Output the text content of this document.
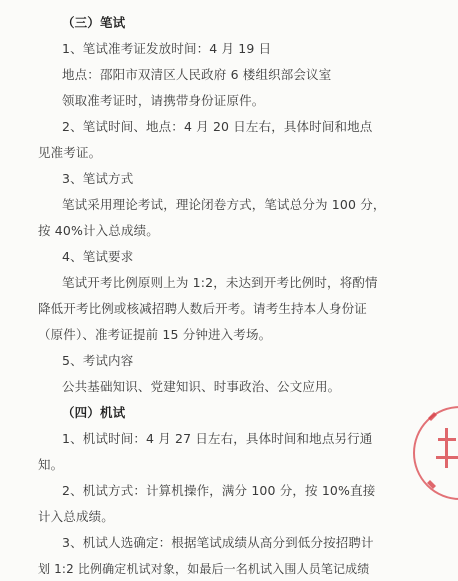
（三）笔试
1、笔试准考证发放时间：4 月 19 日
地点：邵阳市双清区人民政府 6 楼组织部会议室
领取准考证时，请携带身份证原件。
2、笔试时间、地点：4 月 20 日左右，具体时间和地点
见准考证。
3、笔试方式
笔试采用理论考试，理论闭卷方式，笔试总分为 100 分，
按 40%计入总成绩。
4、笔试要求
笔试开考比例原则上为 1:2，未达到开考比例时，将酌情
降低开考比例或核减招聘人数后开考。请考生持本人身份证
（原件）、准考证提前 15 分钟进入考场。
5、考试内容
公共基础知识、党建知识、时事政治、公文应用。
（四）机试
1、机试时间：4 月 27 日左右，具体时间和地点另行通
知。
2、机试方式：计算机操作，满分 100 分，按 10%直接
计入总成绩。
3、机试人选确定：根据笔试成绩从高分到低分按招聘计
划 1:2 比例确定机试对象，如最后一名机试入围人员笔记成绩
